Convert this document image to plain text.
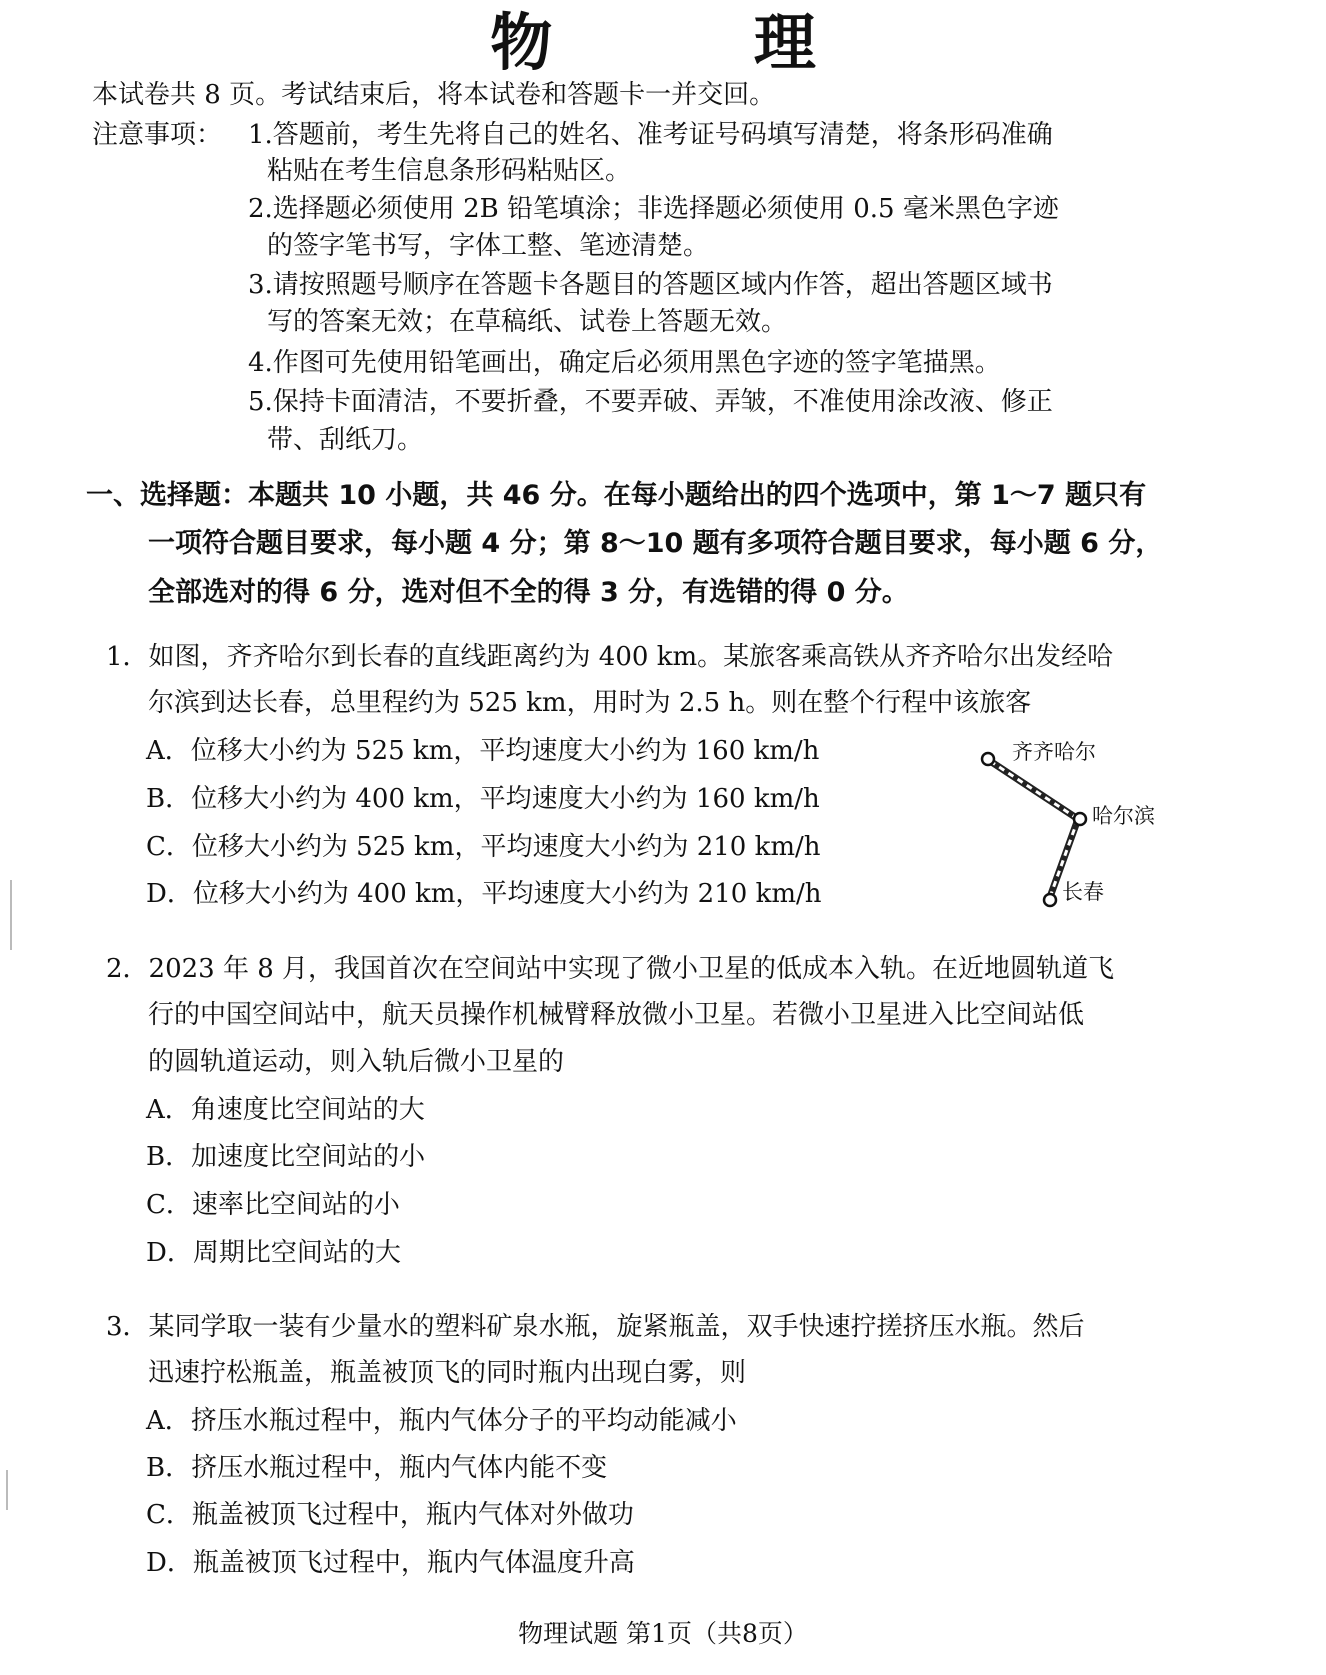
物 理
本试卷共 8 页。考试结束后，将本试卷和答题卡一并交回。
注意事项： 1.答题前，考生先将自己的姓名、准考证号码填写清楚，将条形码准确
粘贴在考生信息条形码粘贴区。
2.选择题必须使用 2B 铅笔填涂；非选择题必须使用 0.5 毫米黑色字迹
的签字笔书写，字体工整、笔迹清楚。
3.请按照题号顺序在答题卡各题目的答题区域内作答，超出答题区域书
写的答案无效；在草稿纸、试卷上答题无效。
4.作图可先使用铅笔画出，确定后必须用黑色字迹的签字笔描黑。
5.保持卡面清洁，不要折叠，不要弄破、弄皱，不准使用涂改液、修正
带、刮纸刀。
一、选择题：本题共 10 小题，共 46 分。在每小题给出的四个选项中，第 1～7 题只有
一项符合题目要求，每小题 4 分；第 8～10 题有多项符合题目要求，每小题 6 分，
全部选对的得 6 分，选对但不全的得 3 分，有选错的得 0 分。
1．如图，齐齐哈尔到长春的直线距离约为 400 km。某旅客乘高铁从齐齐哈尔出发经哈
尔滨到达长春，总里程约为 525 km，用时为 2.5 h。则在整个行程中该旅客
A．位移大小约为 525 km，平均速度大小约为 160 km/h
B．位移大小约为 400 km，平均速度大小约为 160 km/h
C．位移大小约为 525 km，平均速度大小约为 210 km/h
D．位移大小约为 400 km，平均速度大小约为 210 km/h
齐齐哈尔
哈尔滨
长春
2．2023 年 8 月，我国首次在空间站中实现了微小卫星的低成本入轨。在近地圆轨道飞
行的中国空间站中，航天员操作机械臂释放微小卫星。若微小卫星进入比空间站低
的圆轨道运动，则入轨后微小卫星的
A．角速度比空间站的大
B．加速度比空间站的小
C．速率比空间站的小
D．周期比空间站的大
3．某同学取一装有少量水的塑料矿泉水瓶，旋紧瓶盖，双手快速拧搓挤压水瓶。然后
迅速拧松瓶盖，瓶盖被顶飞的同时瓶内出现白雾，则
A．挤压水瓶过程中，瓶内气体分子的平均动能减小
B．挤压水瓶过程中，瓶内气体内能不变
C．瓶盖被顶飞过程中，瓶内气体对外做功
D．瓶盖被顶飞过程中，瓶内气体温度升高
物理试题 第1页（共8页）
